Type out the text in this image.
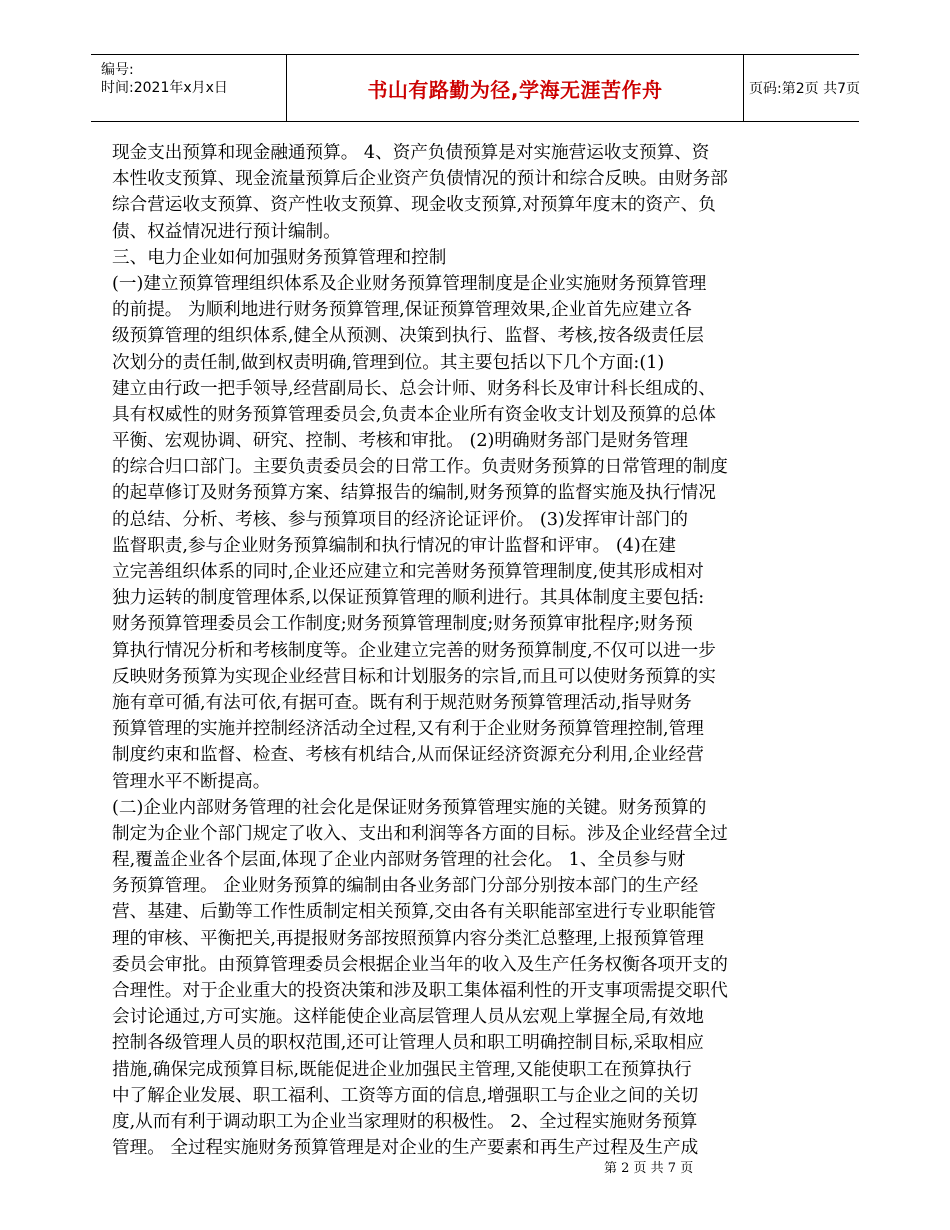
编号:
时间:2021年x月x日	书山有路勤为径,学海无涯苦作舟	页码:第2页 共7页
现金支出预算和现金融通预算。 4、资产负债预算是对实施营运收支预算、资
本性收支预算、现金流量预算后企业资产负债情况的预计和综合反映。由财务部
综合营运收支预算、资产性收支预算、现金收支预算,对预算年度末的资产、负
债、权益情况进行预计编制。
三、电力企业如何加强财务预算管理和控制
(一)建立预算管理组织体系及企业财务预算管理制度是企业实施财务预算管理
的前提。 为顺利地进行财务预算管理,保证预算管理效果,企业首先应建立各
级预算管理的组织体系,健全从预测、决策到执行、监督、考核,按各级责任层
次划分的责任制,做到权责明确,管理到位。其主要包括以下几个方面:(1)
建立由行政一把手领导,经营副局长、总会计师、财务科长及审计科长组成的、
具有权威性的财务预算管理委员会,负责本企业所有资金收支计划及预算的总体
平衡、宏观协调、研究、控制、考核和审批。 (2)明确财务部门是财务管理
的综合归口部门。主要负责委员会的日常工作。负责财务预算的日常管理的制度
的起草修订及财务预算方案、结算报告的编制,财务预算的监督实施及执行情况
的总结、分析、考核、参与预算项目的经济论证评价。 (3)发挥审计部门的
监督职责,参与企业财务预算编制和执行情况的审计监督和评审。 (4)在建
立完善组织体系的同时,企业还应建立和完善财务预算管理制度,使其形成相对
独力运转的制度管理体系,以保证预算管理的顺利进行。其具体制度主要包括:
财务预算管理委员会工作制度;财务预算管理制度;财务预算审批程序;财务预
算执行情况分析和考核制度等。企业建立完善的财务预算制度,不仅可以进一步
反映财务预算为实现企业经营目标和计划服务的宗旨,而且可以使财务预算的实
施有章可循,有法可依,有据可查。既有利于规范财务预算管理活动,指导财务
预算管理的实施并控制经济活动全过程,又有利于企业财务预算管理控制,管理
制度约束和监督、检查、考核有机结合,从而保证经济资源充分利用,企业经营
管理水平不断提高。
(二)企业内部财务管理的社会化是保证财务预算管理实施的关键。财务预算的
制定为企业个部门规定了收入、支出和利润等各方面的目标。涉及企业经营全过
程,覆盖企业各个层面,体现了企业内部财务管理的社会化。 1、全员参与财
务预算管理。 企业财务预算的编制由各业务部门分部分别按本部门的生产经
营、基建、后勤等工作性质制定相关预算,交由各有关职能部室进行专业职能管
理的审核、平衡把关,再提报财务部按照预算内容分类汇总整理,上报预算管理
委员会审批。由预算管理委员会根据企业当年的收入及生产任务权衡各项开支的
合理性。对于企业重大的投资决策和涉及职工集体福利性的开支事项需提交职代
会讨论通过,方可实施。这样能使企业高层管理人员从宏观上掌握全局,有效地
控制各级管理人员的职权范围,还可让管理人员和职工明确控制目标,采取相应
措施,确保完成预算目标,既能促进企业加强民主管理,又能使职工在预算执行
中了解企业发展、职工福利、工资等方面的信息,增强职工与企业之间的关切
度,从而有利于调动职工为企业当家理财的积极性。 2、全过程实施财务预算
管理。 全过程实施财务预算管理是对企业的生产要素和再生产过程及生产成
第 2 页 共 7 页
